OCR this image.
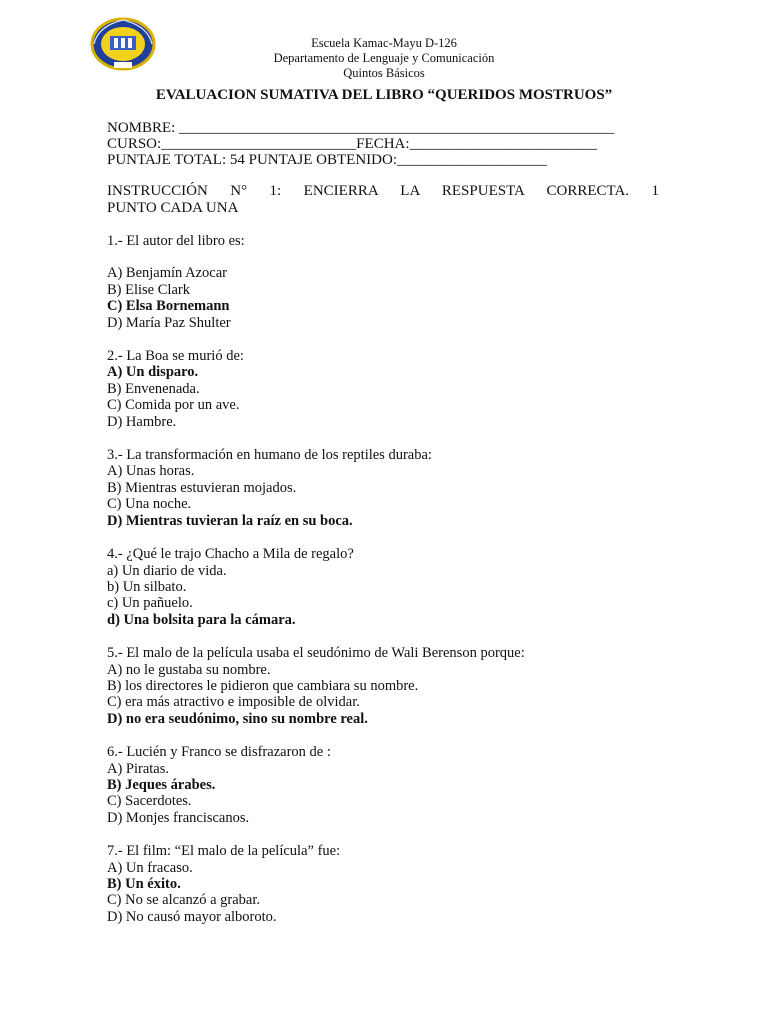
Escuela Kamac-Mayu D-126
Departamento de Lenguaje y Comunicación
Quintos Básicos
EVALUACION SUMATIVA DEL LIBRO “QUERIDOS MOSTRUOS”
NOMBRE: __________________________________________________________
CURSO:__________________________FECHA:_________________________
PUNTAJE TOTAL: 54 PUNTAJE OBTENIDO:____________________
INSTRUCCIÓN N° 1: ENCIERRA LA RESPUESTA CORRECTA. 1
PUNTO CADA UNA
1.- El autor del libro es:
A) Benjamín Azocar
B) Elise Clark
C) Elsa Bornemann
D) María Paz Shulter
2.- La Boa se murió de:
A) Un disparo.
B) Envenenada.
C) Comida por un ave.
D) Hambre.
3.- La transformación en humano de los reptiles duraba:
A) Unas horas.
B) Mientras estuvieran mojados.
C) Una noche.
D) Mientras tuvieran la raíz en su boca.
4.- ¿Qué le trajo Chacho a Mila de regalo?
a) Un diario de vida.
b) Un silbato.
c) Un pañuelo.
d) Una bolsita para la cámara.
5.- El malo de la película usaba el seudónimo de Wali Berenson porque:
A) no le gustaba su nombre.
B) los directores le pidieron que cambiara su nombre.
C) era más atractivo e imposible de olvidar.
D) no era seudónimo, sino su nombre real.
6.- Lucién y Franco se disfrazaron de :
A) Piratas.
B) Jeques árabes.
C) Sacerdotes.
D) Monjes franciscanos.
7.- El film: “El malo de la película” fue:
A) Un fracaso.
B) Un éxito.
C) No se alcanzó a grabar.
D) No causó mayor alboroto.
